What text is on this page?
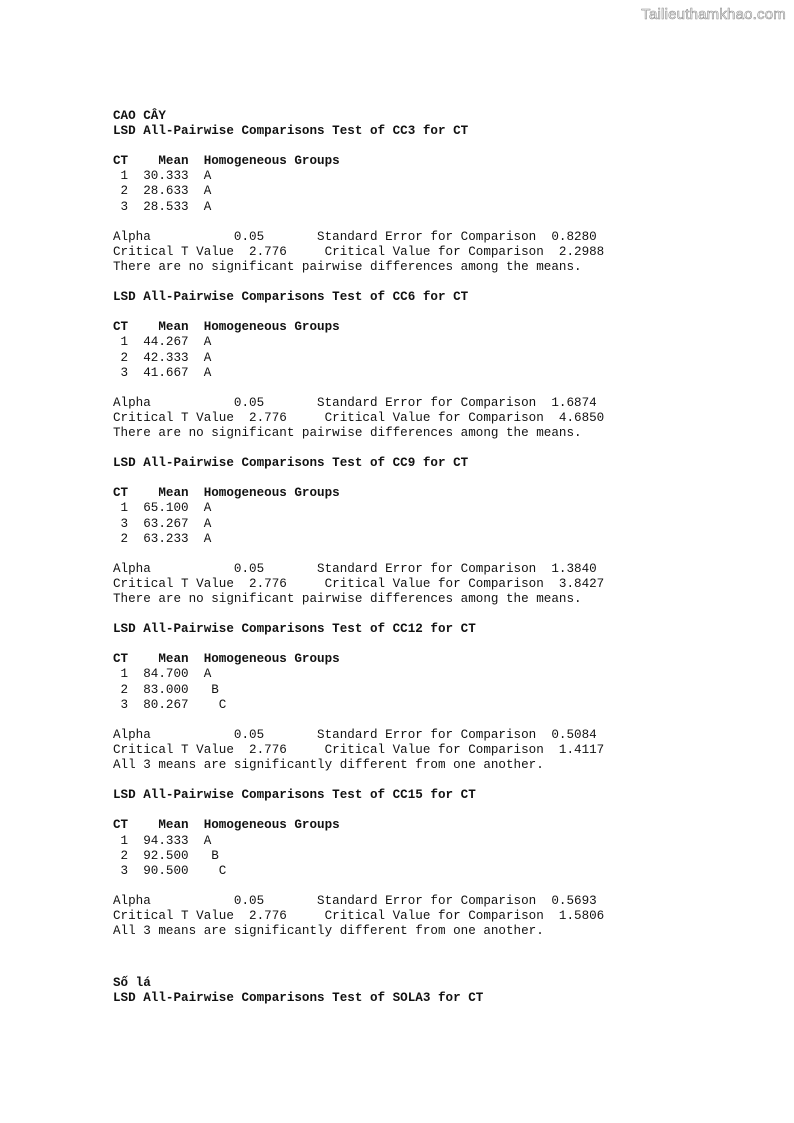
Tailieuthamkhao.com
CAO CÂY
LSD All-Pairwise Comparisons Test of CC3 for CT
CT    Mean  Homogeneous Groups
1  30.333  A
2  28.633  A
3  28.533  A
Alpha           0.05       Standard Error for Comparison  0.8280
Critical T Value  2.776     Critical Value for Comparison  2.2988
There are no significant pairwise differences among the means.
LSD All-Pairwise Comparisons Test of CC6 for CT
CT    Mean  Homogeneous Groups
1  44.267  A
2  42.333  A
3  41.667  A
Alpha           0.05       Standard Error for Comparison  1.6874
Critical T Value  2.776     Critical Value for Comparison  4.6850
There are no significant pairwise differences among the means.
LSD All-Pairwise Comparisons Test of CC9 for CT
CT    Mean  Homogeneous Groups
1  65.100  A
3  63.267  A
2  63.233  A
Alpha           0.05       Standard Error for Comparison  1.3840
Critical T Value  2.776     Critical Value for Comparison  3.8427
There are no significant pairwise differences among the means.
LSD All-Pairwise Comparisons Test of CC12 for CT
CT    Mean  Homogeneous Groups
1  84.700  A
2  83.000   B
3  80.267    C
Alpha           0.05       Standard Error for Comparison  0.5084
Critical T Value  2.776     Critical Value for Comparison  1.4117
All 3 means are significantly different from one another.
LSD All-Pairwise Comparisons Test of CC15 for CT
CT    Mean  Homogeneous Groups
1  94.333  A
2  92.500   B
3  90.500    C
Alpha           0.05       Standard Error for Comparison  0.5693
Critical T Value  2.776     Critical Value for Comparison  1.5806
All 3 means are significantly different from one another.
Số lá
LSD All-Pairwise Comparisons Test of SOLA3 for CT
